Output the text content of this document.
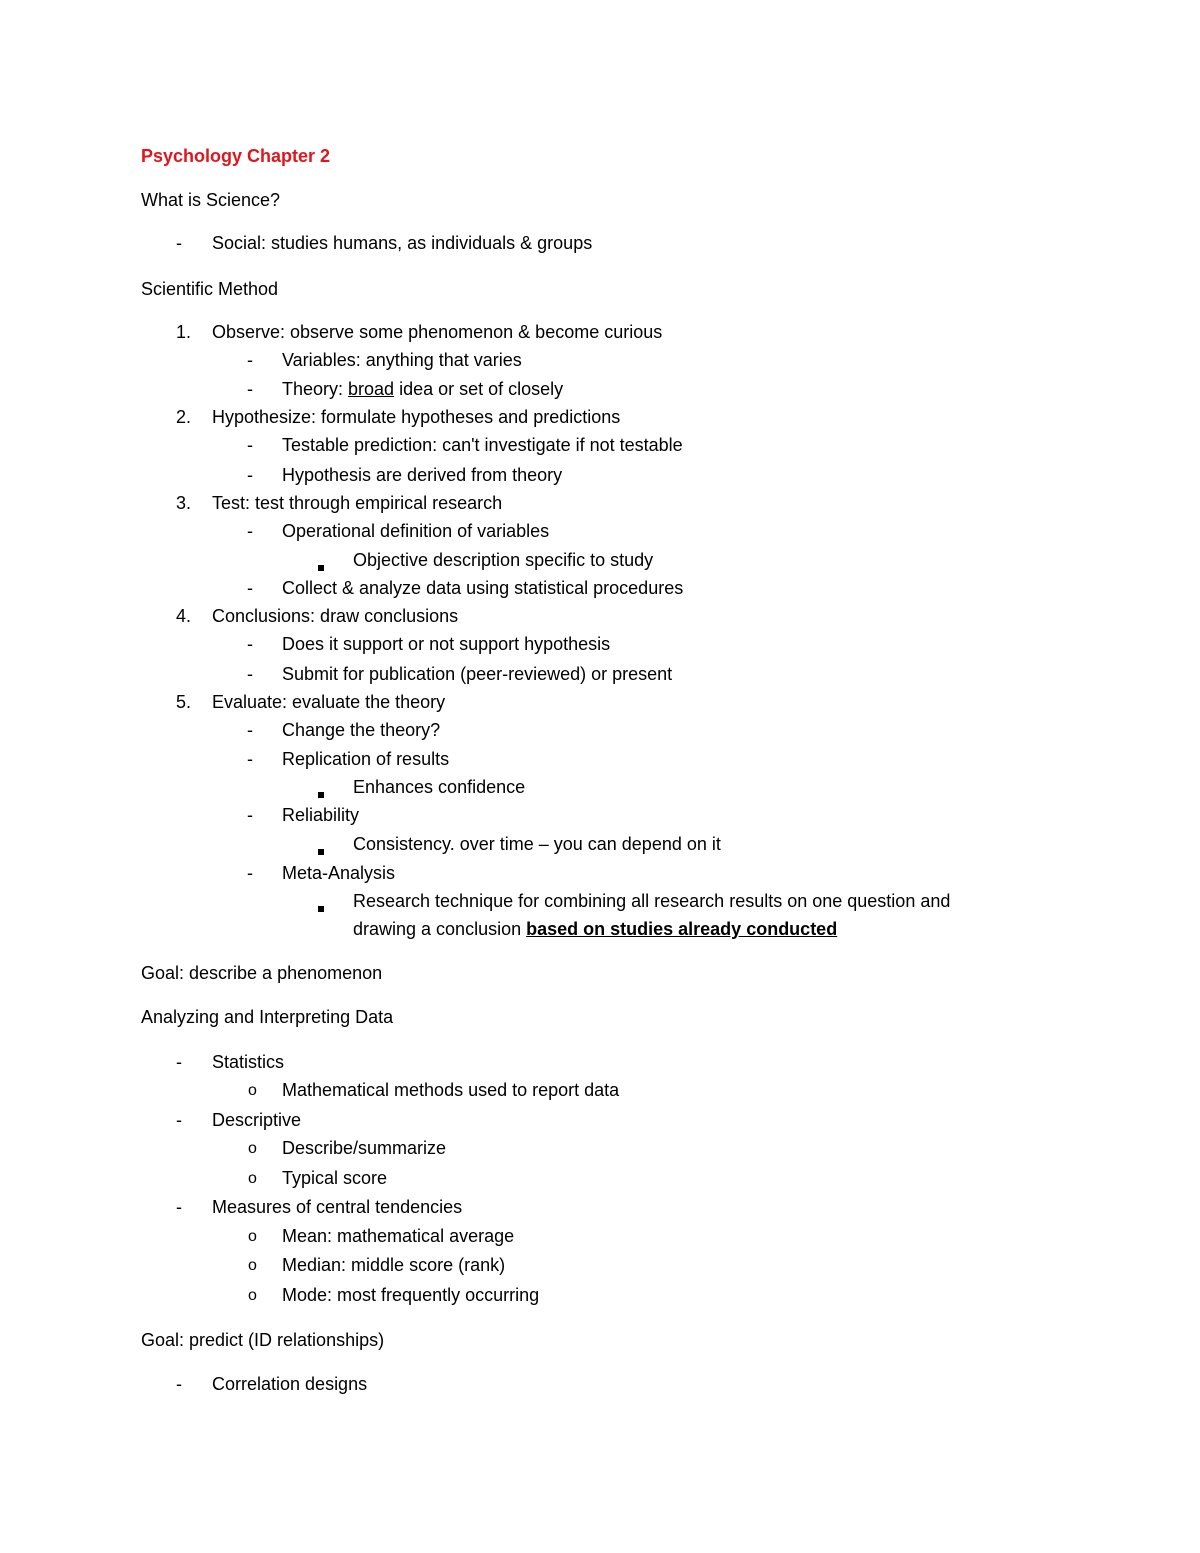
Psychology Chapter 2
What is Science?
- Social: studies humans, as individuals & groups
Scientific Method
1. Observe: observe some phenomenon & become curious
- Variables: anything that varies
- Theory: broad idea or set of closely
2. Hypothesize: formulate hypotheses and predictions
- Testable prediction: can't investigate if not testable
- Hypothesis are derived from theory
3. Test: test through empirical research
- Operational definition of variables
Objective description specific to study
- Collect & analyze data using statistical procedures
4. Conclusions: draw conclusions
- Does it support or not support hypothesis
- Submit for publication (peer-reviewed) or present
5. Evaluate: evaluate the theory
- Change the theory?
- Replication of results
Enhances confidence
- Reliability
Consistency. over time – you can depend on it
- Meta-Analysis
Research technique for combining all research results on one question and
drawing a conclusion based on studies already conducted
Goal: describe a phenomenon
Analyzing and Interpreting Data
- Statistics
o Mathematical methods used to report data
- Descriptive
o Describe/summarize
o Typical score
- Measures of central tendencies
o Mean: mathematical average
o Median: middle score (rank)
o Mode: most frequently occurring
Goal: predict (ID relationships)
- Correlation designs
